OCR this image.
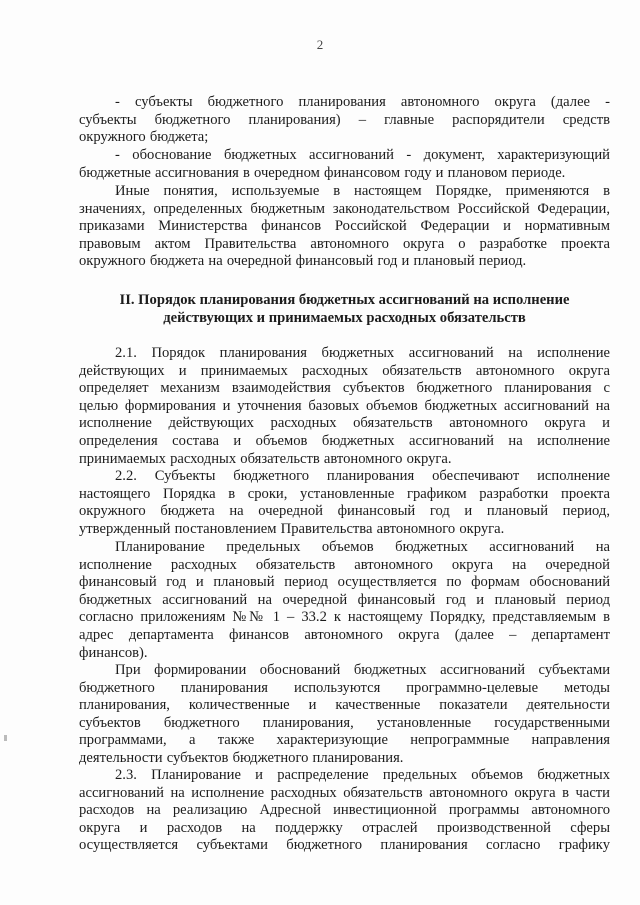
2
- субъекты бюджетного планирования автономного округа (далее -
субъекты бюджетного планирования) – главные распорядители средств
окружного бюджета;
- обоснование бюджетных ассигнований - документ, характеризующий
бюджетные ассигнования в очередном финансовом году и плановом периоде.
Иные понятия, используемые в настоящем Порядке, применяются в
значениях, определенных бюджетным законодательством Российской Федерации,
приказами Министерства финансов Российской Федерации и нормативным
правовым актом Правительства автономного округа о разработке проекта
окружного бюджета на очередной финансовый год и плановый период.
II. Порядок планирования бюджетных ассигнований на исполнение
действующих и принимаемых расходных обязательств
2.1. Порядок планирования бюджетных ассигнований на исполнение
действующих и принимаемых расходных обязательств автономного округа
определяет механизм взаимодействия субъектов бюджетного планирования с
целью формирования и уточнения базовых объемов бюджетных ассигнований на
исполнение действующих расходных обязательств автономного округа и
определения состава и объемов бюджетных ассигнований на исполнение
принимаемых расходных обязательств автономного округа.
2.2. Субъекты бюджетного планирования обеспечивают исполнение
настоящего Порядка в сроки, установленные графиком разработки проекта
окружного бюджета на очередной финансовый год и плановый период,
утвержденный постановлением Правительства автономного округа.
Планирование предельных объемов бюджетных ассигнований на
исполнение расходных обязательств автономного округа на очередной
финансовый год и плановый период осуществляется по формам обоснований
бюджетных ассигнований на очередной финансовый год и плановый период
согласно приложениям №№ 1 – 33.2 к настоящему Порядку, представляемым в
адрес департамента финансов автономного округа (далее – департамент
финансов).
При формировании обоснований бюджетных ассигнований субъектами
бюджетного планирования используются программно-целевые методы
планирования, количественные и качественные показатели деятельности
субъектов бюджетного планирования, установленные государственными
программами, а также характеризующие непрограммные направления
деятельности субъектов бюджетного планирования.
2.3. Планирование и распределение предельных объемов бюджетных
ассигнований на исполнение расходных обязательств автономного округа в части
расходов на реализацию Адресной инвестиционной программы автономного
округа и расходов на поддержку отраслей производственной сферы
осуществляется субъектами бюджетного планирования согласно графику
